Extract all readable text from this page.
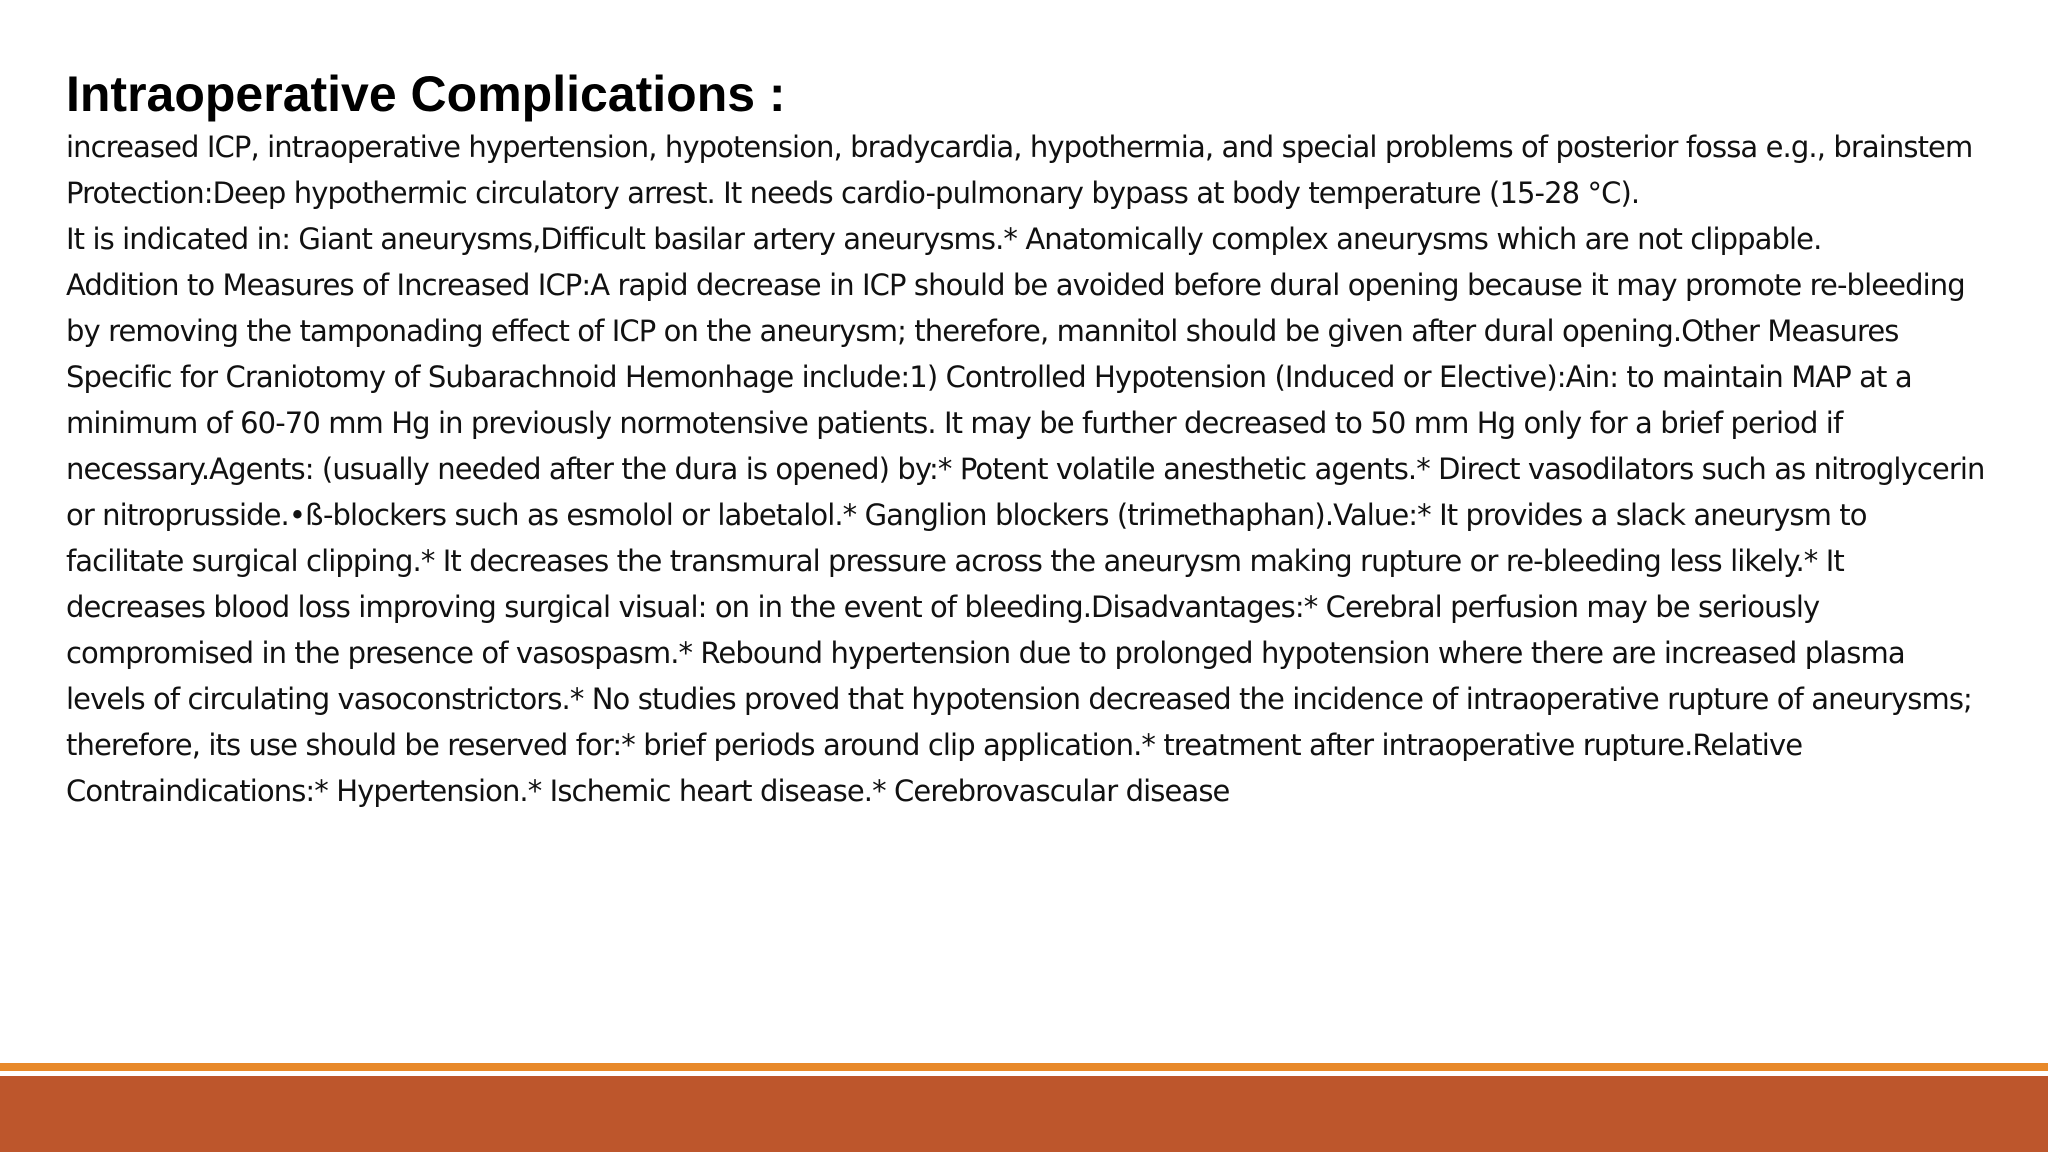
Intraoperative Complications :

increased ICP, intraoperative hypertension, hypotension, bradycardia, hypothermia, and special problems of posterior fossa e.g., brainstem Protection:Deep hypothermic circulatory arrest. It needs cardio-pulmonary bypass at body temperature (15-28 °C).

It is indicated in: Giant aneurysms,Difficult basilar artery aneurysms.* Anatomically complex aneurysms which are not clippable.

Addition to Measures of Increased ICP:A rapid decrease in ICP should be avoided before dural opening because it may promote re-bleeding by removing the tamponading effect of ICP on the aneurysm; therefore, mannitol should be given after dural opening.Other Measures Specific for Craniotomy of Subarachnoid Hemonhage include:1) Controlled Hypotension (Induced or Elective):Ain: to maintain MAP at a minimum of 60-70 mm Hg in previously normotensive patients. It may be further decreased to 50 mm Hg only for a brief period if necessary.Agents: (usually needed after the dura is opened) by:* Potent volatile anesthetic agents.* Direct vasodilators such as nitroglycerin or nitroprusside.•ß-blockers such as esmolol or labetalol.* Ganglion blockers (trimethaphan).Value:* It provides a slack aneurysm to facilitate surgical clipping.* It decreases the transmural pressure across the aneurysm making rupture or re-bleeding less likely.* It decreases blood loss improving surgical visual: on in the event of bleeding.Disadvantages:* Cerebral perfusion may be seriously compromised in the presence of vasospasm.* Rebound hypertension due to prolonged hypotension where there are increased plasma levels of circulating vasoconstrictors.* No studies proved that hypotension decreased the incidence of intraoperative rupture of aneurysms; therefore, its use should be reserved for:* brief periods around clip application.* treatment after intraoperative rupture.Relative Contraindications:* Hypertension.* Ischemic heart disease.* Cerebrovascular disease
